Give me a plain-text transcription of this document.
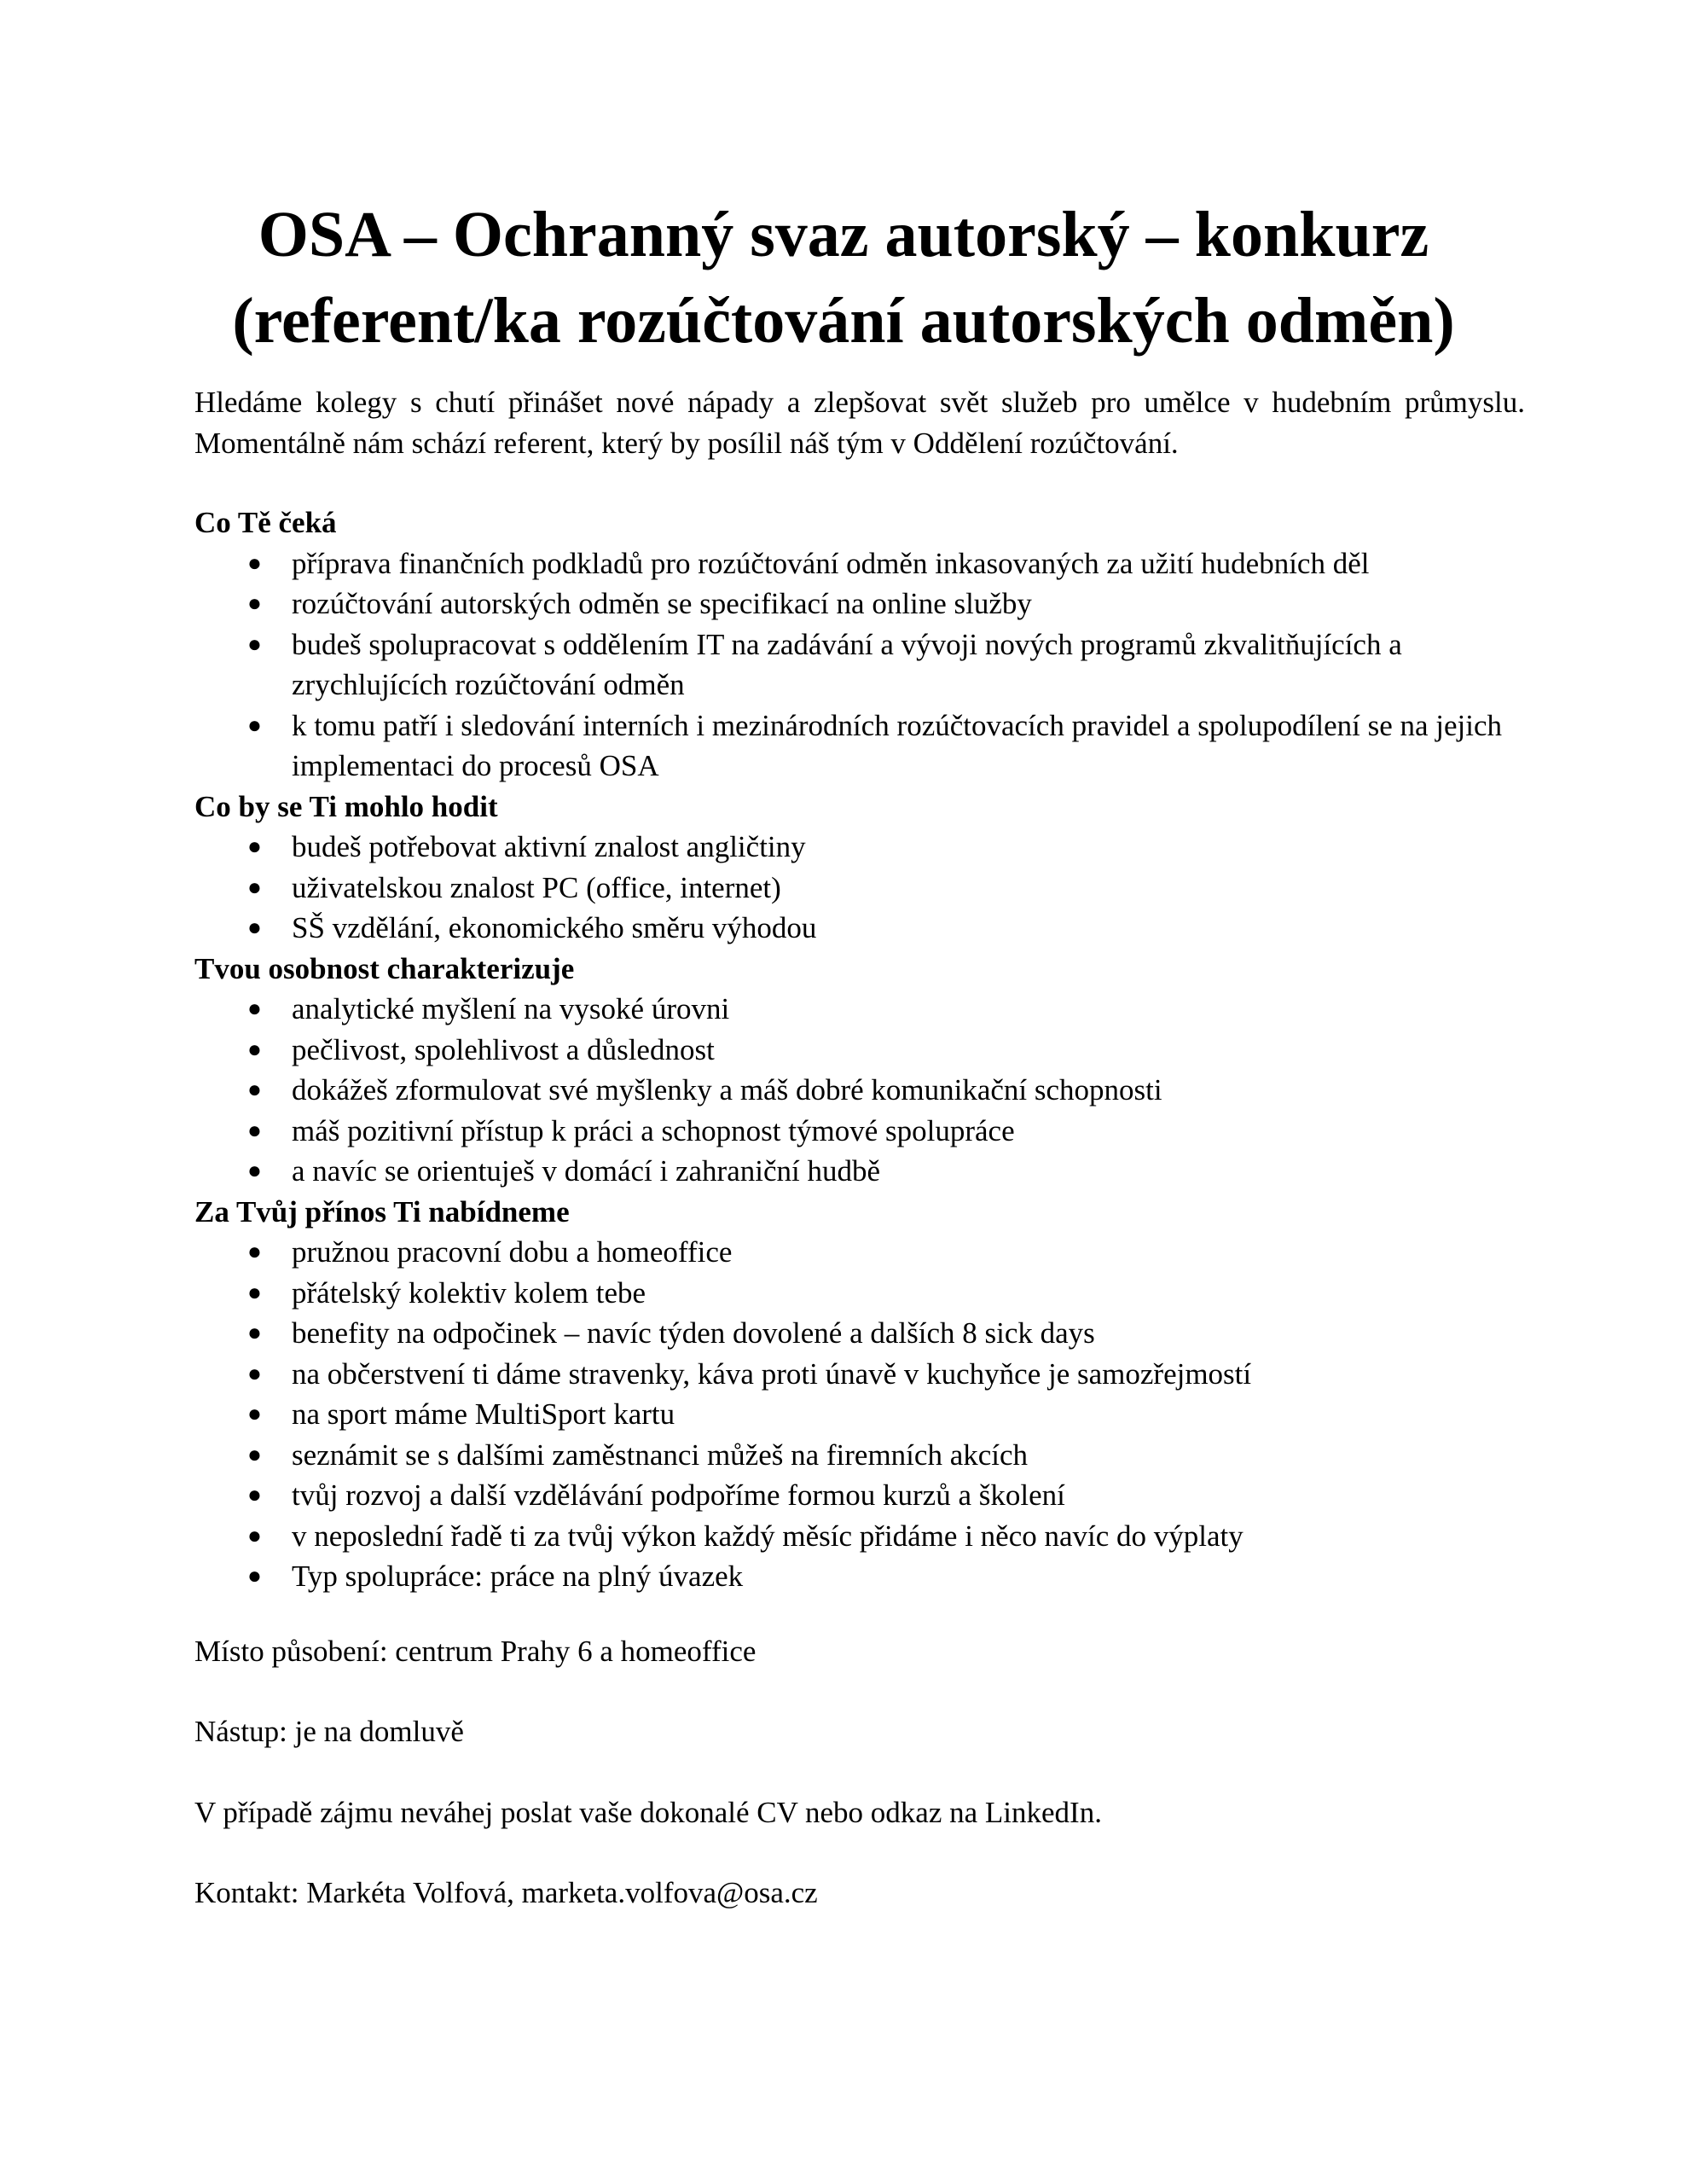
OSA – Ochranný svaz autorský – konkurz
(referent/ka rozúčtování autorských odměn)

Hledáme kolegy s chutí přinášet nové nápady a zlepšovat svět služeb pro umělce v hudebním průmyslu. Momentálně nám schází referent, který by posílil náš tým v Oddělení rozúčtování.

Co Tě čeká
● příprava finančních podkladů pro rozúčtování odměn inkasovaných za užití hudebních děl
● rozúčtování autorských odměn se specifikací na online služby
● budeš spolupracovat s oddělením IT na zadávání a vývoji nových programů zkvalitňujících a zrychlujících rozúčtování odměn
● k tomu patří i sledování interních i mezinárodních rozúčtovacích pravidel a spolupodílení se na jejich implementaci do procesů OSA
Co by se Ti mohlo hodit
● budeš potřebovat aktivní znalost angličtiny
● uživatelskou znalost PC (office, internet)
● SŠ vzdělání, ekonomického směru výhodou
Tvou osobnost charakterizuje
● analytické myšlení na vysoké úrovni
● pečlivost, spolehlivost a důslednost
● dokážeš zformulovat své myšlenky a máš dobré komunikační schopnosti
● máš pozitivní přístup k práci a schopnost týmové spolupráce
● a navíc se orientuješ v domácí i zahraniční hudbě
Za Tvůj přínos Ti nabídneme
● pružnou pracovní dobu a homeoffice
● přátelský kolektiv kolem tebe
● benefity na odpočinek – navíc týden dovolené a dalších 8 sick days
● na občerstvení ti dáme stravenky, káva proti únavě v kuchyňce je samozřejmostí
● na sport máme MultiSport kartu
● seznámit se s dalšími zaměstnanci můžeš na firemních akcích
● tvůj rozvoj a další vzdělávání podpoříme formou kurzů a školení
● v neposlední řadě ti za tvůj výkon každý měsíc přidáme i něco navíc do výplaty
● Typ spolupráce: práce na plný úvazek
Místo působení: centrum Prahy 6 a homeoffice
Nástup: je na domluvě
V případě zájmu neváhej poslat vaše dokonalé CV nebo odkaz na LinkedIn.
Kontakt: Markéta Volfová, marketa.volfova@osa.cz
